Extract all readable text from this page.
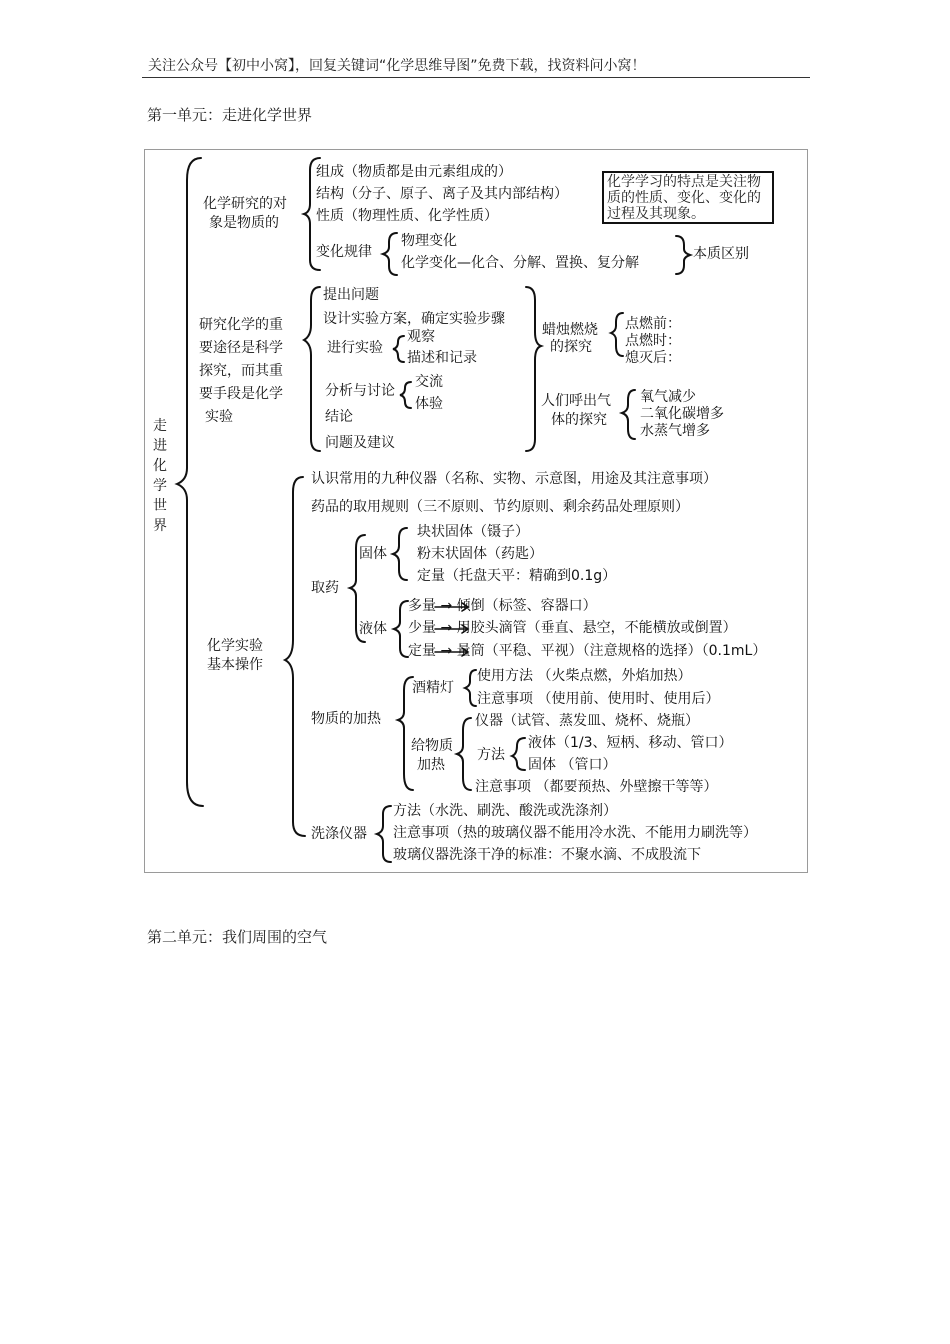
关注公众号【初中小窝】，回复关键词“化学思维导图”免费下载，找资料问小窝！
第一单元：走进化学世界
走
进
化
学
世
界
化学研究的对
象是物质的
组成（物质都是由元素组成的）
结构（分子、原子、离子及其内部结构）
性质（物理性质、化学性质）
变化规律
物理变化
化学变化—化合、分解、置换、复分解
本质区别
化学学习的特点是关注物质的性质、变化、变化的过程及其现象。
研究化学的重
要途径是科学
探究，而其重
要手段是化学
实验
提出问题
设计实验方案，确定实验步骤
进行实验
观察
描述和记录
分析与讨论
交流
体验
结论
问题及建议
蜡烛燃烧
的探究
点燃前：
点燃时：
熄灭后：
人们呼出气
体的探究
氧气减少
二氧化碳增多
水蒸气增多
化学实验
基本操作
认识常用的九种仪器（名称、实物、示意图，用途及其注意事项）
药品的取用规则（三不原则、节约原则、剩余药品处理原则）
取药
固体
块状固体（镊子）
粉末状固体（药匙）
定量（托盘天平：精确到0.1g）
液体
多量 → 倾倒（标签、容器口）
少量 → 用胶头滴管（垂直、悬空，不能横放或倒置）
定量 → 量筒（平稳、平视）（注意规格的选择）（0.1mL）
物质的加热
酒精灯
使用方法 （火柴点燃，外焰加热）
注意事项 （使用前、使用时、使用后）
给物质
加热
仪器（试管、蒸发皿、烧杯、烧瓶）
方法
液体（1/3、短柄、移动、管口）
固体 （管口）
注意事项 （都要预热、外壁擦干等等）
洗涤仪器
方法（水洗、刷洗、酸洗或洗涤剂）
注意事项（热的玻璃仪器不能用冷水洗、不能用力刷洗等）
玻璃仪器洗涤干净的标准：不聚水滴、不成股流下
第二单元：我们周围的空气
